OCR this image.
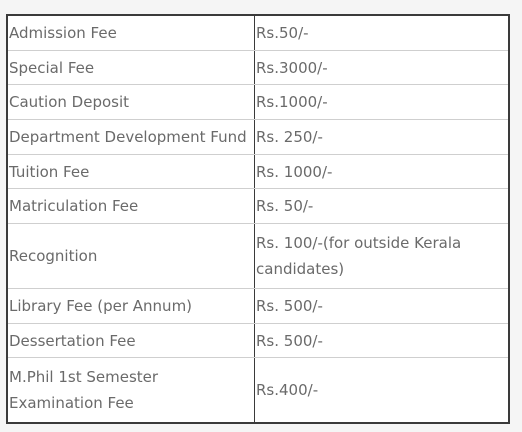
Admission Fee	Rs.50/-
Special Fee	Rs.3000/-
Caution Deposit	Rs.1000/-
Department Development Fund	Rs. 250/-
Tuition Fee	Rs. 1000/-
Matriculation Fee	Rs. 50/-
Recognition	Rs. 100/-(for outside Kerala candidates)
Library Fee (per Annum)	Rs. 500/-
Dessertation Fee	Rs. 500/-
M.Phil 1st Semester Examination Fee	Rs.400/-
